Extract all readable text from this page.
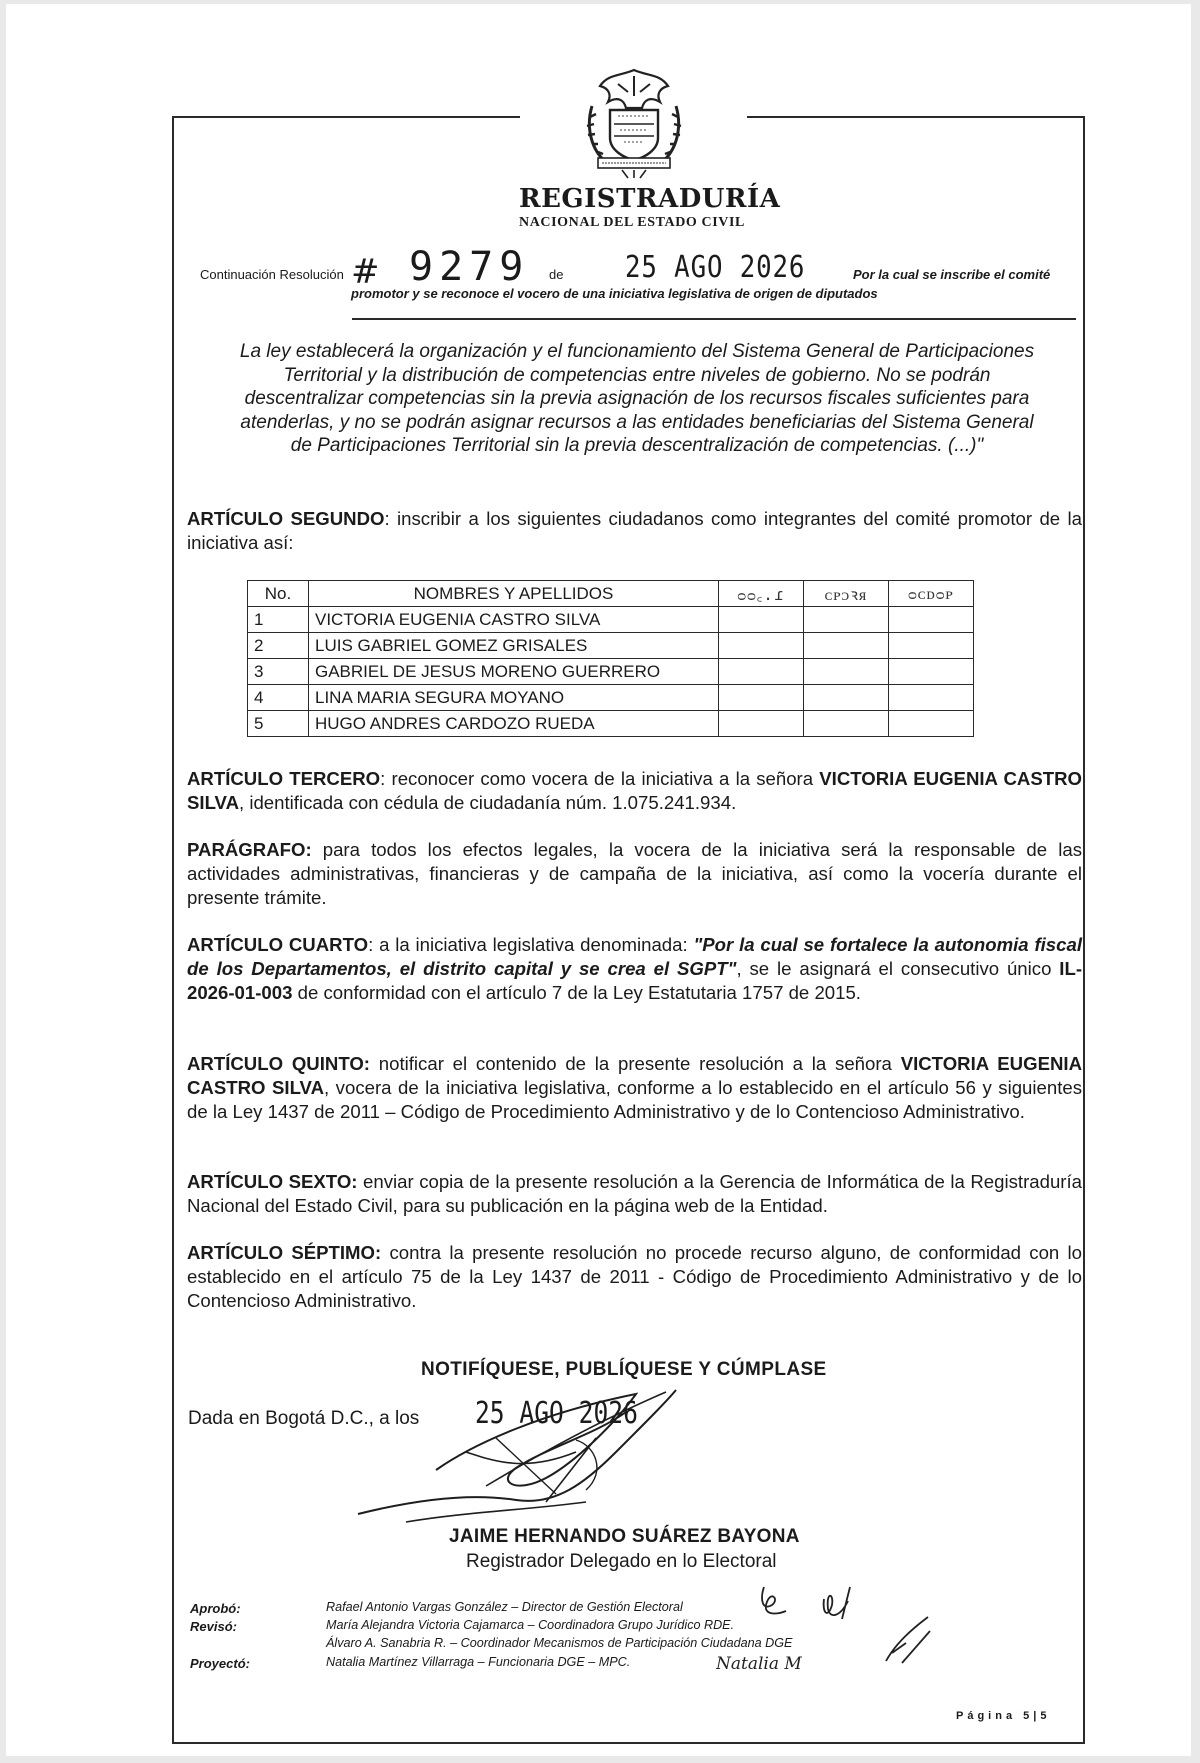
REGISTRADURÍA
NACIONAL DEL ESTADO CIVIL
Continuación Resolución # 9279 de 25 AGO 2026	Por la cual se inscribe el comité
promotor y se reconoce el vocero de una iniciativa legislativa de origen de diputados
La ley establecerá la organización y el funcionamiento del Sistema General de Participaciones Territorial y la distribución de competencias entre niveles de gobierno. No se podrán descentralizar competencias sin la previa asignación de los recursos fiscales suficientes para atenderlas, y no se podrán asignar recursos a las entidades beneficiarias del Sistema General de Participaciones Territorial sin la previa descentralización de competencias. (...)"
ARTÍCULO SEGUNDO: inscribir a los siguientes ciudadanos como integrantes del comité promotor de la iniciativa así:
No.	NOMBRES Y APELLIDOS	ᴑᴑ꜀.ɾ	ᴄᴘᴐꝛᴙ	ᴑᴄᴅᴑᴘ
1	VICTORIA EUGENIA CASTRO SILVA			
2	LUIS GABRIEL GOMEZ GRISALES			
3	GABRIEL DE JESUS MORENO GUERRERO			
4	LINA MARIA SEGURA MOYANO			
5	HUGO ANDRES CARDOZO RUEDA			
ARTÍCULO TERCERO: reconocer como vocera de la iniciativa a la señora VICTORIA EUGENIA CASTRO SILVA, identificada con cédula de ciudadanía núm. 1.075.241.934.
PARÁGRAFO: para todos los efectos legales, la vocera de la iniciativa será la responsable de las actividades administrativas, financieras y de campaña de la iniciativa, así como la vocería durante el presente trámite.
ARTÍCULO CUARTO: a la iniciativa legislativa denominada: "Por la cual se fortalece la autonomia fiscal de los Departamentos, el distrito capital y se crea el SGPT", se le asignará el consecutivo único IL-2026-01-003 de conformidad con el artículo 7 de la Ley Estatutaria 1757 de 2015.
ARTÍCULO QUINTO: notificar el contenido de la presente resolución a la señora VICTORIA EUGENIA CASTRO SILVA, vocera de la iniciativa legislativa, conforme a lo establecido en el artículo 56 y siguientes de la Ley 1437 de 2011 – Código de Procedimiento Administrativo y de lo Contencioso Administrativo.
ARTÍCULO SEXTO: enviar copia de la presente resolución a la Gerencia de Informática de la Registraduría Nacional del Estado Civil, para su publicación en la página web de la Entidad.
ARTÍCULO SÉPTIMO: contra la presente resolución no procede recurso alguno, de conformidad con lo establecido en el artículo 75 de la Ley 1437 de 2011 - Código de Procedimiento Administrativo y de lo Contencioso Administrativo.
NOTIFÍQUESE, PUBLÍQUESE Y CÚMPLASE
Dada en Bogotá D.C., a los 25 AGO 2026
JAIME HERNANDO SUÁREZ BAYONA
Registrador Delegado en lo Electoral
Aprobó:	Rafael Antonio Vargas González – Director de Gestión Electoral
Revisó:	María Alejandra Victoria Cajamarca – Coordinadora Grupo Jurídico RDE.
Álvaro A. Sanabria R. – Coordinador Mecanismos de Participación Ciudadana DGE
Proyectó:	Natalia Martínez Villarraga – Funcionaria DGE – MPC.	Natalia M
Página 5|5
